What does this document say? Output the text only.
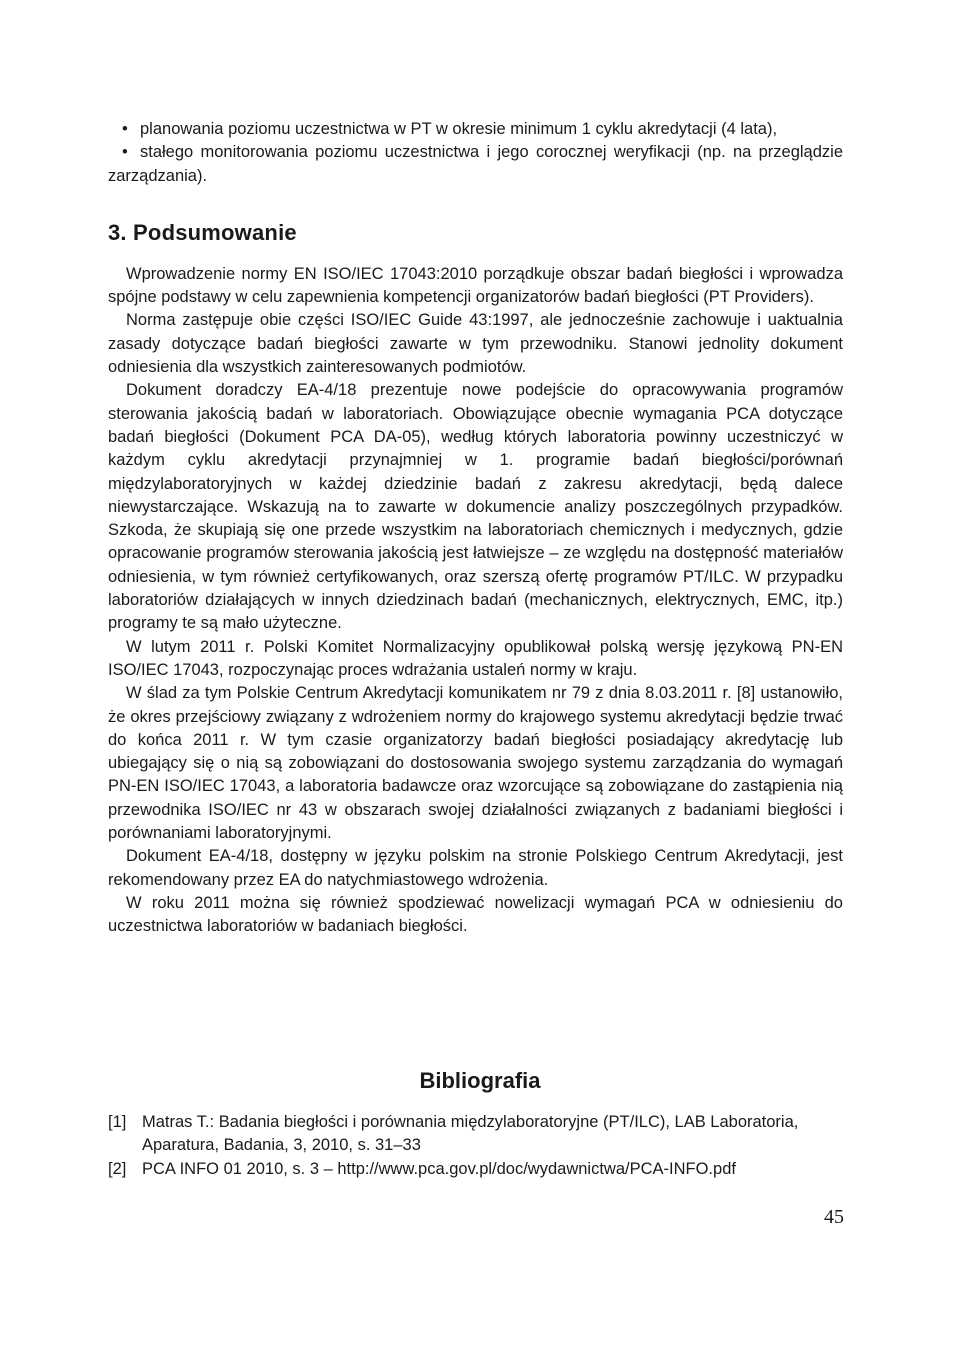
• planowania poziomu uczestnictwa w PT w okresie minimum 1 cyklu akredytacji (4 lata),

• stałego monitorowania poziomu uczestnictwa i jego corocznej weryfikacji (np. na przeglądzie zarządzania).

3. Podsumowanie

Wprowadzenie normy EN ISO/IEC 17043:2010 porządkuje obszar badań biegłości i wprowadza spójne podstawy w celu zapewnienia kompetencji organizatorów badań biegłości (PT Providers).

Norma zastępuje obie części ISO/IEC Guide 43:1997, ale jednocześnie zachowuje i uaktualnia zasady dotyczące badań biegłości zawarte w tym przewodniku. Stanowi jednolity dokument odniesienia dla wszystkich zainteresowanych podmiotów.

Dokument doradczy EA-4/18 prezentuje nowe podejście do opracowywania programów sterowania jakością badań w laboratoriach. Obowiązujące obecnie wymagania PCA dotyczące badań biegłości (Dokument PCA DA-05), według których laboratoria powinny uczestniczyć w każdym cyklu akredytacji przynajmniej w 1. programie badań biegłości/porównań międzylaboratoryjnych w każdej dziedzinie badań z zakresu akredytacji, będą dalece niewystarczające. Wskazują na to zawarte w dokumencie analizy poszczególnych przypadków. Szkoda, że skupiają się one przede wszystkim na laboratoriach chemicznych i medycznych, gdzie opracowanie programów sterowania jakością jest łatwiejsze – ze względu na dostępność materiałów odniesienia, w tym również certyfikowanych, oraz szerszą ofertę programów PT/ILC. W przypadku laboratoriów działających w innych dziedzinach badań (mechanicznych, elektrycznych, EMC, itp.) programy te są mało użyteczne.

W lutym 2011 r. Polski Komitet Normalizacyjny opublikował polską wersję językową PN-EN ISO/IEC 17043, rozpoczynając proces wdrażania ustaleń normy w kraju.

W ślad za tym Polskie Centrum Akredytacji komunikatem nr 79 z dnia 8.03.2011 r. [8] ustanowiło, że okres przejściowy związany z wdrożeniem normy do krajowego systemu akredytacji będzie trwać do końca 2011 r. W tym czasie organizatorzy badań biegłości posiadający akredytację lub ubiegający się o nią są zobowiązani do dostosowania swojego systemu zarządzania do wymagań PN-EN ISO/IEC 17043, a laboratoria badawcze oraz wzorcujące są zobowiązane do zastąpienia nią przewodnika ISO/IEC nr 43 w obszarach swojej działalności związanych z badaniami biegłości i porównaniami laboratoryjnymi.

Dokument EA-4/18, dostępny w języku polskim na stronie Polskiego Centrum Akredytacji, jest rekomendowany przez EA do natychmiastowego wdrożenia.

W roku 2011 można się również spodziewać nowelizacji wymagań PCA w odniesieniu do uczestnictwa laboratoriów w badaniach biegłości.

Bibliografia
[1] Matras T.: Badania biegłości i porównania międzylaboratoryjne (PT/ILC), LAB Laboratoria, Aparatura, Badania, 3, 2010, s. 31–33
[2] PCA INFO 01 2010, s. 3 – http://www.pca.gov.pl/doc/wydawnictwa/PCA-INFO.pdf
45
